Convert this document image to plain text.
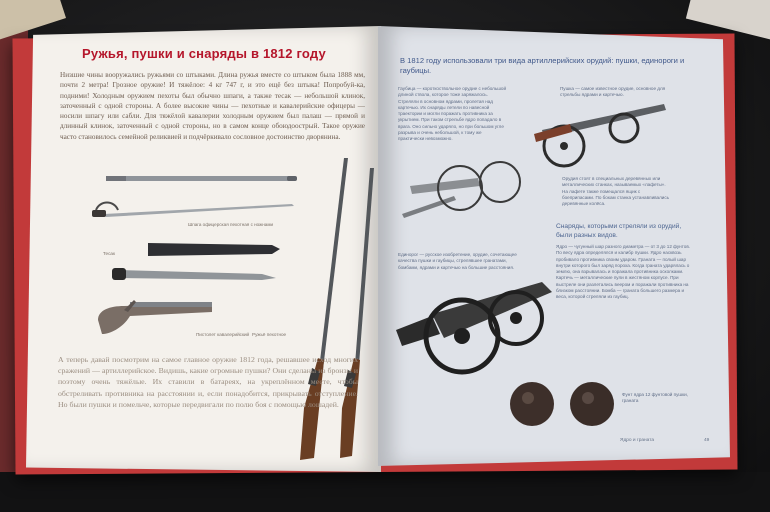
Ружья, пушки и снаряды в 1812 году

Низшие чины вооружались ружьями со штыками. Длина ружья вместе со штыком была 1888 мм, почти 2 метра! Грозное оружие! И тяжёлое: 4 кг 747 г, и это ещё без штыка! Попробуй-ка, подними! Холодным оружием пехоты был обычно шпаги, а также тесак — небольшой клинок, заточенный с одной стороны. А более высокие чины — пехотные и кавалерийские офицеры — носили шпагу или сабли. Для тяжёлой кавалерии холодным оружием был палаш — прямой и длинный клинок, заточенный с одной стороны, но в самом конце обоюдоострый. Такое оружие часто становилось семейной реликвией и подчёркивало сословное достоинство дворянина.

Шпага офицерская пехотная с ножнами
Тесак
Пистолет кавалерийский Ружьё пехотное

А теперь давай посмотрим на самое главное оружие 1812 года, решавшее исход многих сражений — артиллерийское. Видишь, какие огромные пушки? Они сделаны из бронзы и поэтому очень тяжёлые. Их ставили в батареях, на укреплённом месте, чтобы обстреливать противника на расстоянии и, если понадобится, прикрывать отступление. Но были пушки и помельче, которые передвигали по полю боя с помощью лошадей.

В 1812 году использовали три вида артиллерийских орудий: пушки, единороги и гаубицы.

Гаубица — короткоствольное орудие с небольшой длиной ствола, которое тоже заряжалось. Стреляли в основном ядрами, пролетая над картечью. Их снаряды летели по навесной траектории и могли поражать противника за укрытием. При таком стрельбе ядро попадало в врага. Оно сильно ударяло, но при большом угле разрыва и очень небольшой, к тому же практически невозможно.

Пушка — самое известное орудие, основное для стрельбы ядрами и картечью.

Орудия стоят в специальных деревянных или металлических станках, называемых «лафеты». На лафете также помещался ящик с боеприпасами. По бокам станка устанавливались деревянные колёса.

Снаряды, которыми стреляли из орудий, были разных видов.

Ядро — чугунный шар разного диаметра — от 3 до 12 фунтов. По весу ядра определялся и калибр пушки. Ядро насквозь пробивало противника своим ударом. Граната — полый шар внутри которого был заряд пороха. Когда граната ударялась о землю, она взрывалась и поражала противника осколками. Картечь — металлические пули в жестяном корпусе. При выстреле они разлетались веером и поражали противника на близком расстоянии. Бомба — граната большего размера и веса, которой стреляли из гаубиц.

Единорог — русское изобретение, орудие, сочетающее качества пушки и гаубицы, стрелявшее гранатами, бомбами, ядрами и картечью на большие расстояния.

Фунт ядра 12 фунтовой пушки, граната

Ядро и граната	49
